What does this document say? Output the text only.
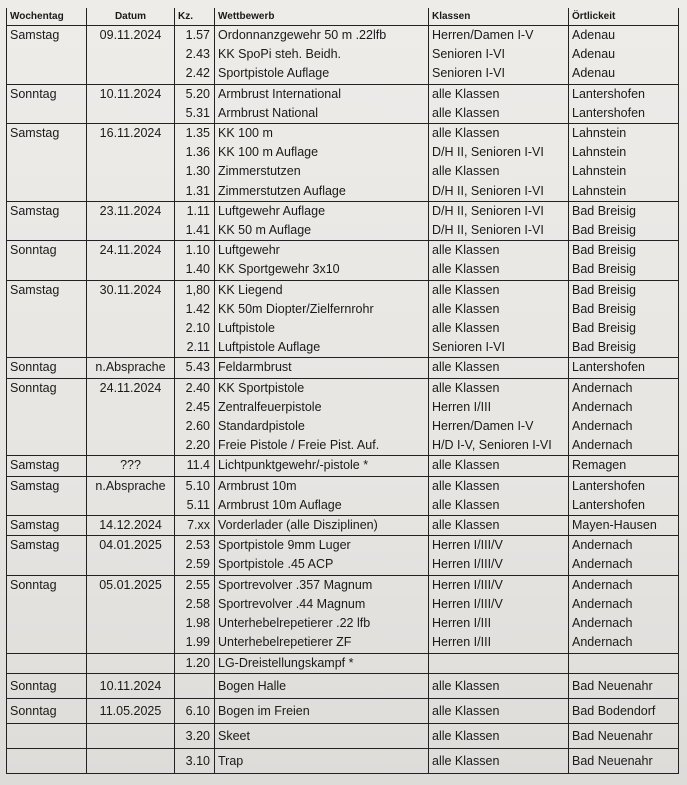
Wochentag	Datum	Kz.	Wettbewerb	Klassen	Örtlickeit
Samstag	09.11.2024	1.57	Ordonnanzgewehr 50 m .22lfb	Herren/Damen I-V	Adenau
		2.43	KK SpoPi steh. Beidh.	Senioren I-VI	Adenau
		2.42	Sportpistole Auflage	Senioren I-VI	Adenau
Sonntag	10.11.2024	5.20	Armbrust International	alle Klassen	Lantershofen
		5.31	Armbrust National	alle Klassen	Lantershofen
Samstag	16.11.2024	1.35	KK 100 m	alle Klassen	Lahnstein
		1.36	KK 100 m Auflage	D/H II, Senioren I-VI	Lahnstein
		1.30	Zimmerstutzen	alle Klassen	Lahnstein
		1.31	Zimmerstutzen Auflage	D/H II, Senioren I-VI	Lahnstein
Samstag	23.11.2024	1.11	Luftgewehr Auflage	D/H II, Senioren I-VI	Bad Breisig
		1.41	KK 50 m Auflage	D/H II, Senioren I-VI	Bad Breisig
Sonntag	24.11.2024	1.10	Luftgewehr	alle Klassen	Bad Breisig
		1.40	KK Sportgewehr 3x10	alle Klassen	Bad Breisig
Samstag	30.11.2024	1,80	KK Liegend	alle Klassen	Bad Breisig
		1.42	KK 50m Diopter/Zielfernrohr	alle Klassen	Bad Breisig
		2.10	Luftpistole	alle Klassen	Bad Breisig
		2.11	Luftpistole Auflage	Senioren I-VI	Bad Breisig
Sonntag	n.Absprache	5.43	Feldarmbrust	alle Klassen	Lantershofen
Sonntag	24.11.2024	2.40	KK Sportpistole	alle Klassen	Andernach
		2.45	Zentralfeuerpistole	Herren I/III	Andernach
		2.60	Standardpistole	Herren/Damen I-V	Andernach
		2.20	Freie Pistole / Freie Pist. Auf.	H/D I-V, Senioren I-VI	Andernach
Samstag	???	11.4	Lichtpunktgewehr/-pistole *	alle Klassen	Remagen
Samstag	n.Absprache	5.10	Armbrust 10m	alle Klassen	Lantershofen
		5.11	Armbrust 10m Auflage	alle Klassen	Lantershofen
Samstag	14.12.2024	7.xx	Vorderlader (alle Disziplinen)	alle Klassen	Mayen-Hausen
Samstag	04.01.2025	2.53	Sportpistole 9mm Luger	Herren I/III/V	Andernach
		2.59	Sportpistole .45 ACP	Herren I/III/V	Andernach
Sonntag	05.01.2025	2.55	Sportrevolver .357 Magnum	Herren I/III/V	Andernach
		2.58	Sportrevolver .44 Magnum	Herren I/III/V	Andernach
		1.98	Unterhebelrepetierer .22 lfb	Herren I/III	Andernach
		1.99	Unterhebelrepetierer ZF	Herren I/III	Andernach
		1.20	LG-Dreistellungskampf *		
Sonntag	10.11.2024		Bogen Halle	alle Klassen	Bad Neuenahr
Sonntag	11.05.2025	6.10	Bogen im Freien	alle Klassen	Bad Bodendorf
		3.20	Skeet	alle Klassen	Bad Neuenahr
		3.10	Trap	alle Klassen	Bad Neuenahr
